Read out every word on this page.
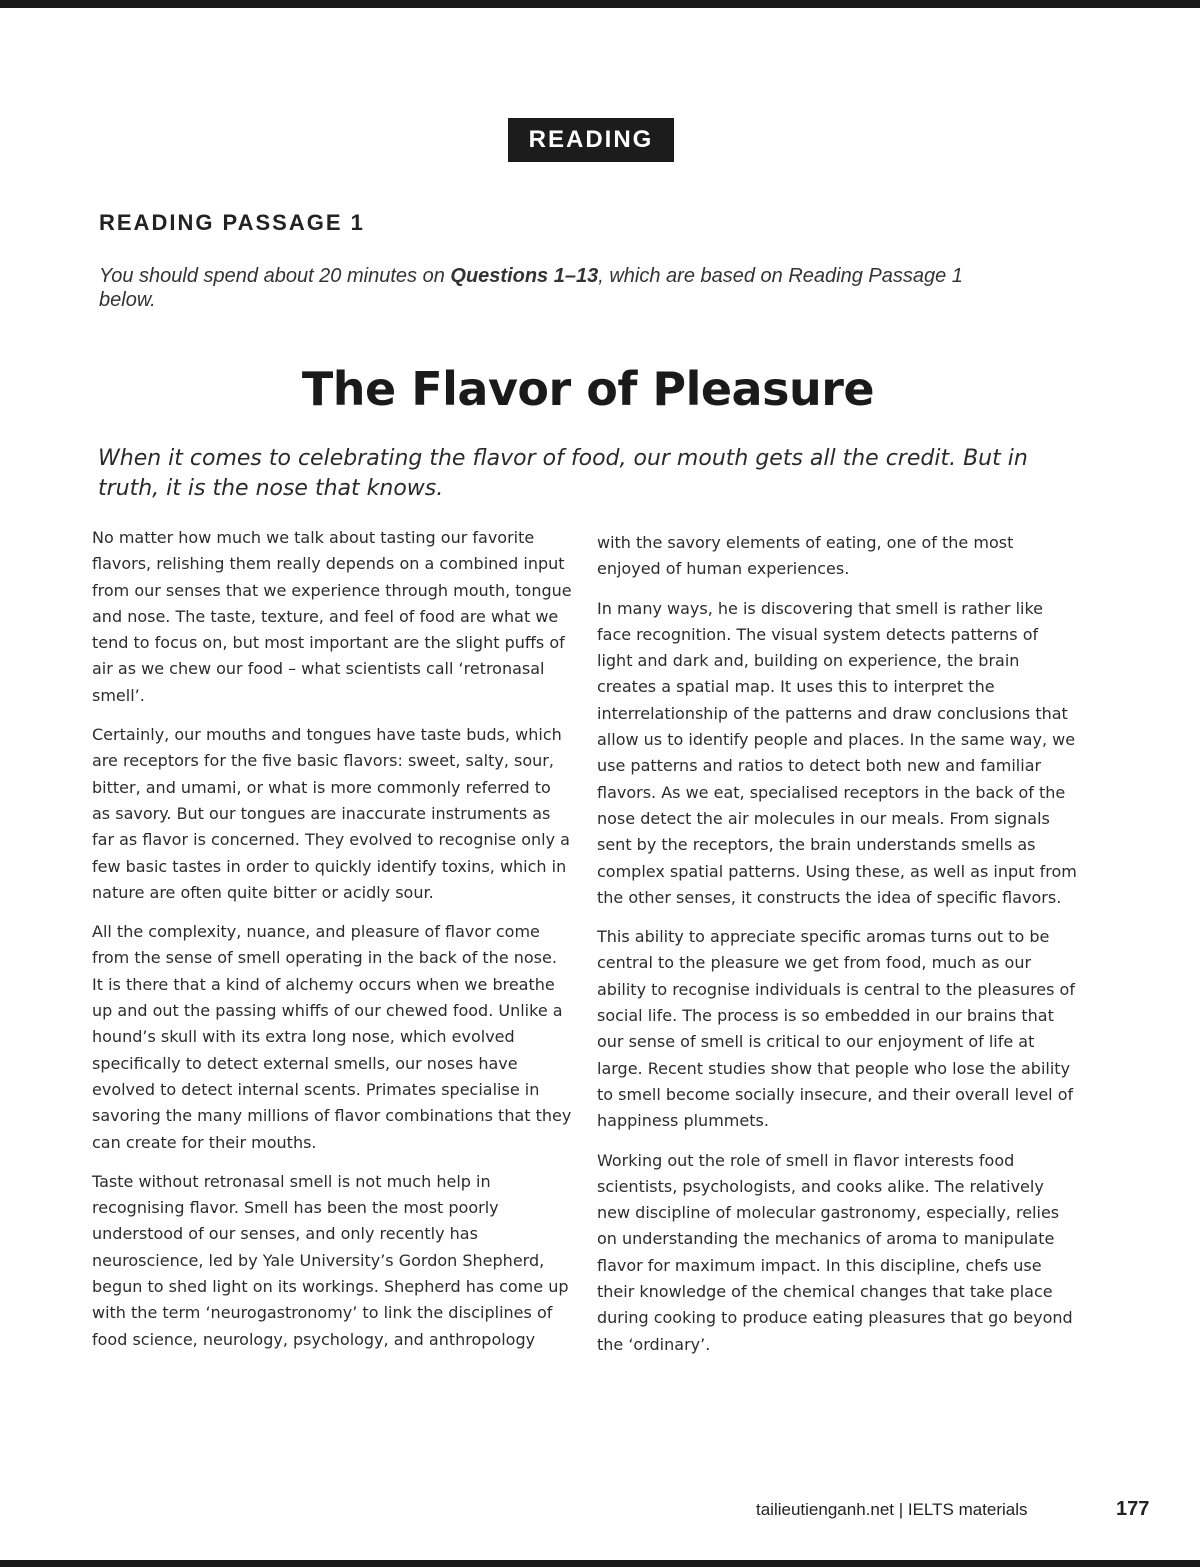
READING
READING PASSAGE 1
You should spend about 20 minutes on Questions 1–13, which are based on Reading Passage 1 below.
The Flavor of Pleasure
When it comes to celebrating the flavor of food, our mouth gets all the credit. But in truth, it is the nose that knows.

No matter how much we talk about tasting our favorite flavors, relishing them really depends on a combined input from our senses that we experience through mouth, tongue and nose. The taste, texture, and feel of food are what we tend to focus on, but most important are the slight puffs of air as we chew our food – what scientists call ‘retronasal smell’.

Certainly, our mouths and tongues have taste buds, which are receptors for the five basic flavors: sweet, salty, sour, bitter, and umami, or what is more commonly referred to as savory. But our tongues are inaccurate instruments as far as flavor is concerned. They evolved to recognise only a few basic tastes in order to quickly identify toxins, which in nature are often quite bitter or acidly sour.

All the complexity, nuance, and pleasure of flavor come from the sense of smell operating in the back of the nose. It is there that a kind of alchemy occurs when we breathe up and out the passing whiffs of our chewed food. Unlike a hound’s skull with its extra long nose, which evolved specifically to detect external smells, our noses have evolved to detect internal scents. Primates specialise in savoring the many millions of flavor combinations that they can create for their mouths.

Taste without retronasal smell is not much help in recognising flavor. Smell has been the most poorly understood of our senses, and only recently has neuroscience, led by Yale University’s Gordon Shepherd, begun to shed light on its workings. Shepherd has come up with the term ‘neurogastronomy’ to link the disciplines of food science, neurology, psychology, and anthropology

with the savory elements of eating, one of the most enjoyed of human experiences.

In many ways, he is discovering that smell is rather like face recognition. The visual system detects patterns of light and dark and, building on experience, the brain creates a spatial map. It uses this to interpret the interrelationship of the patterns and draw conclusions that allow us to identify people and places. In the same way, we use patterns and ratios to detect both new and familiar flavors. As we eat, specialised receptors in the back of the nose detect the air molecules in our meals. From signals sent by the receptors, the brain understands smells as complex spatial patterns. Using these, as well as input from the other senses, it constructs the idea of specific flavors.

This ability to appreciate specific aromas turns out to be central to the pleasure we get from food, much as our ability to recognise individuals is central to the pleasures of social life. The process is so embedded in our brains that our sense of smell is critical to our enjoyment of life at large. Recent studies show that people who lose the ability to smell become socially insecure, and their overall level of happiness plummets.

Working out the role of smell in flavor interests food scientists, psychologists, and cooks alike. The relatively new discipline of molecular gastronomy, especially, relies on understanding the mechanics of aroma to manipulate flavor for maximum impact. In this discipline, chefs use their knowledge of the chemical changes that take place during cooking to produce eating pleasures that go beyond the ‘ordinary’.

tailieutienganh.net | IELTS materials	177
